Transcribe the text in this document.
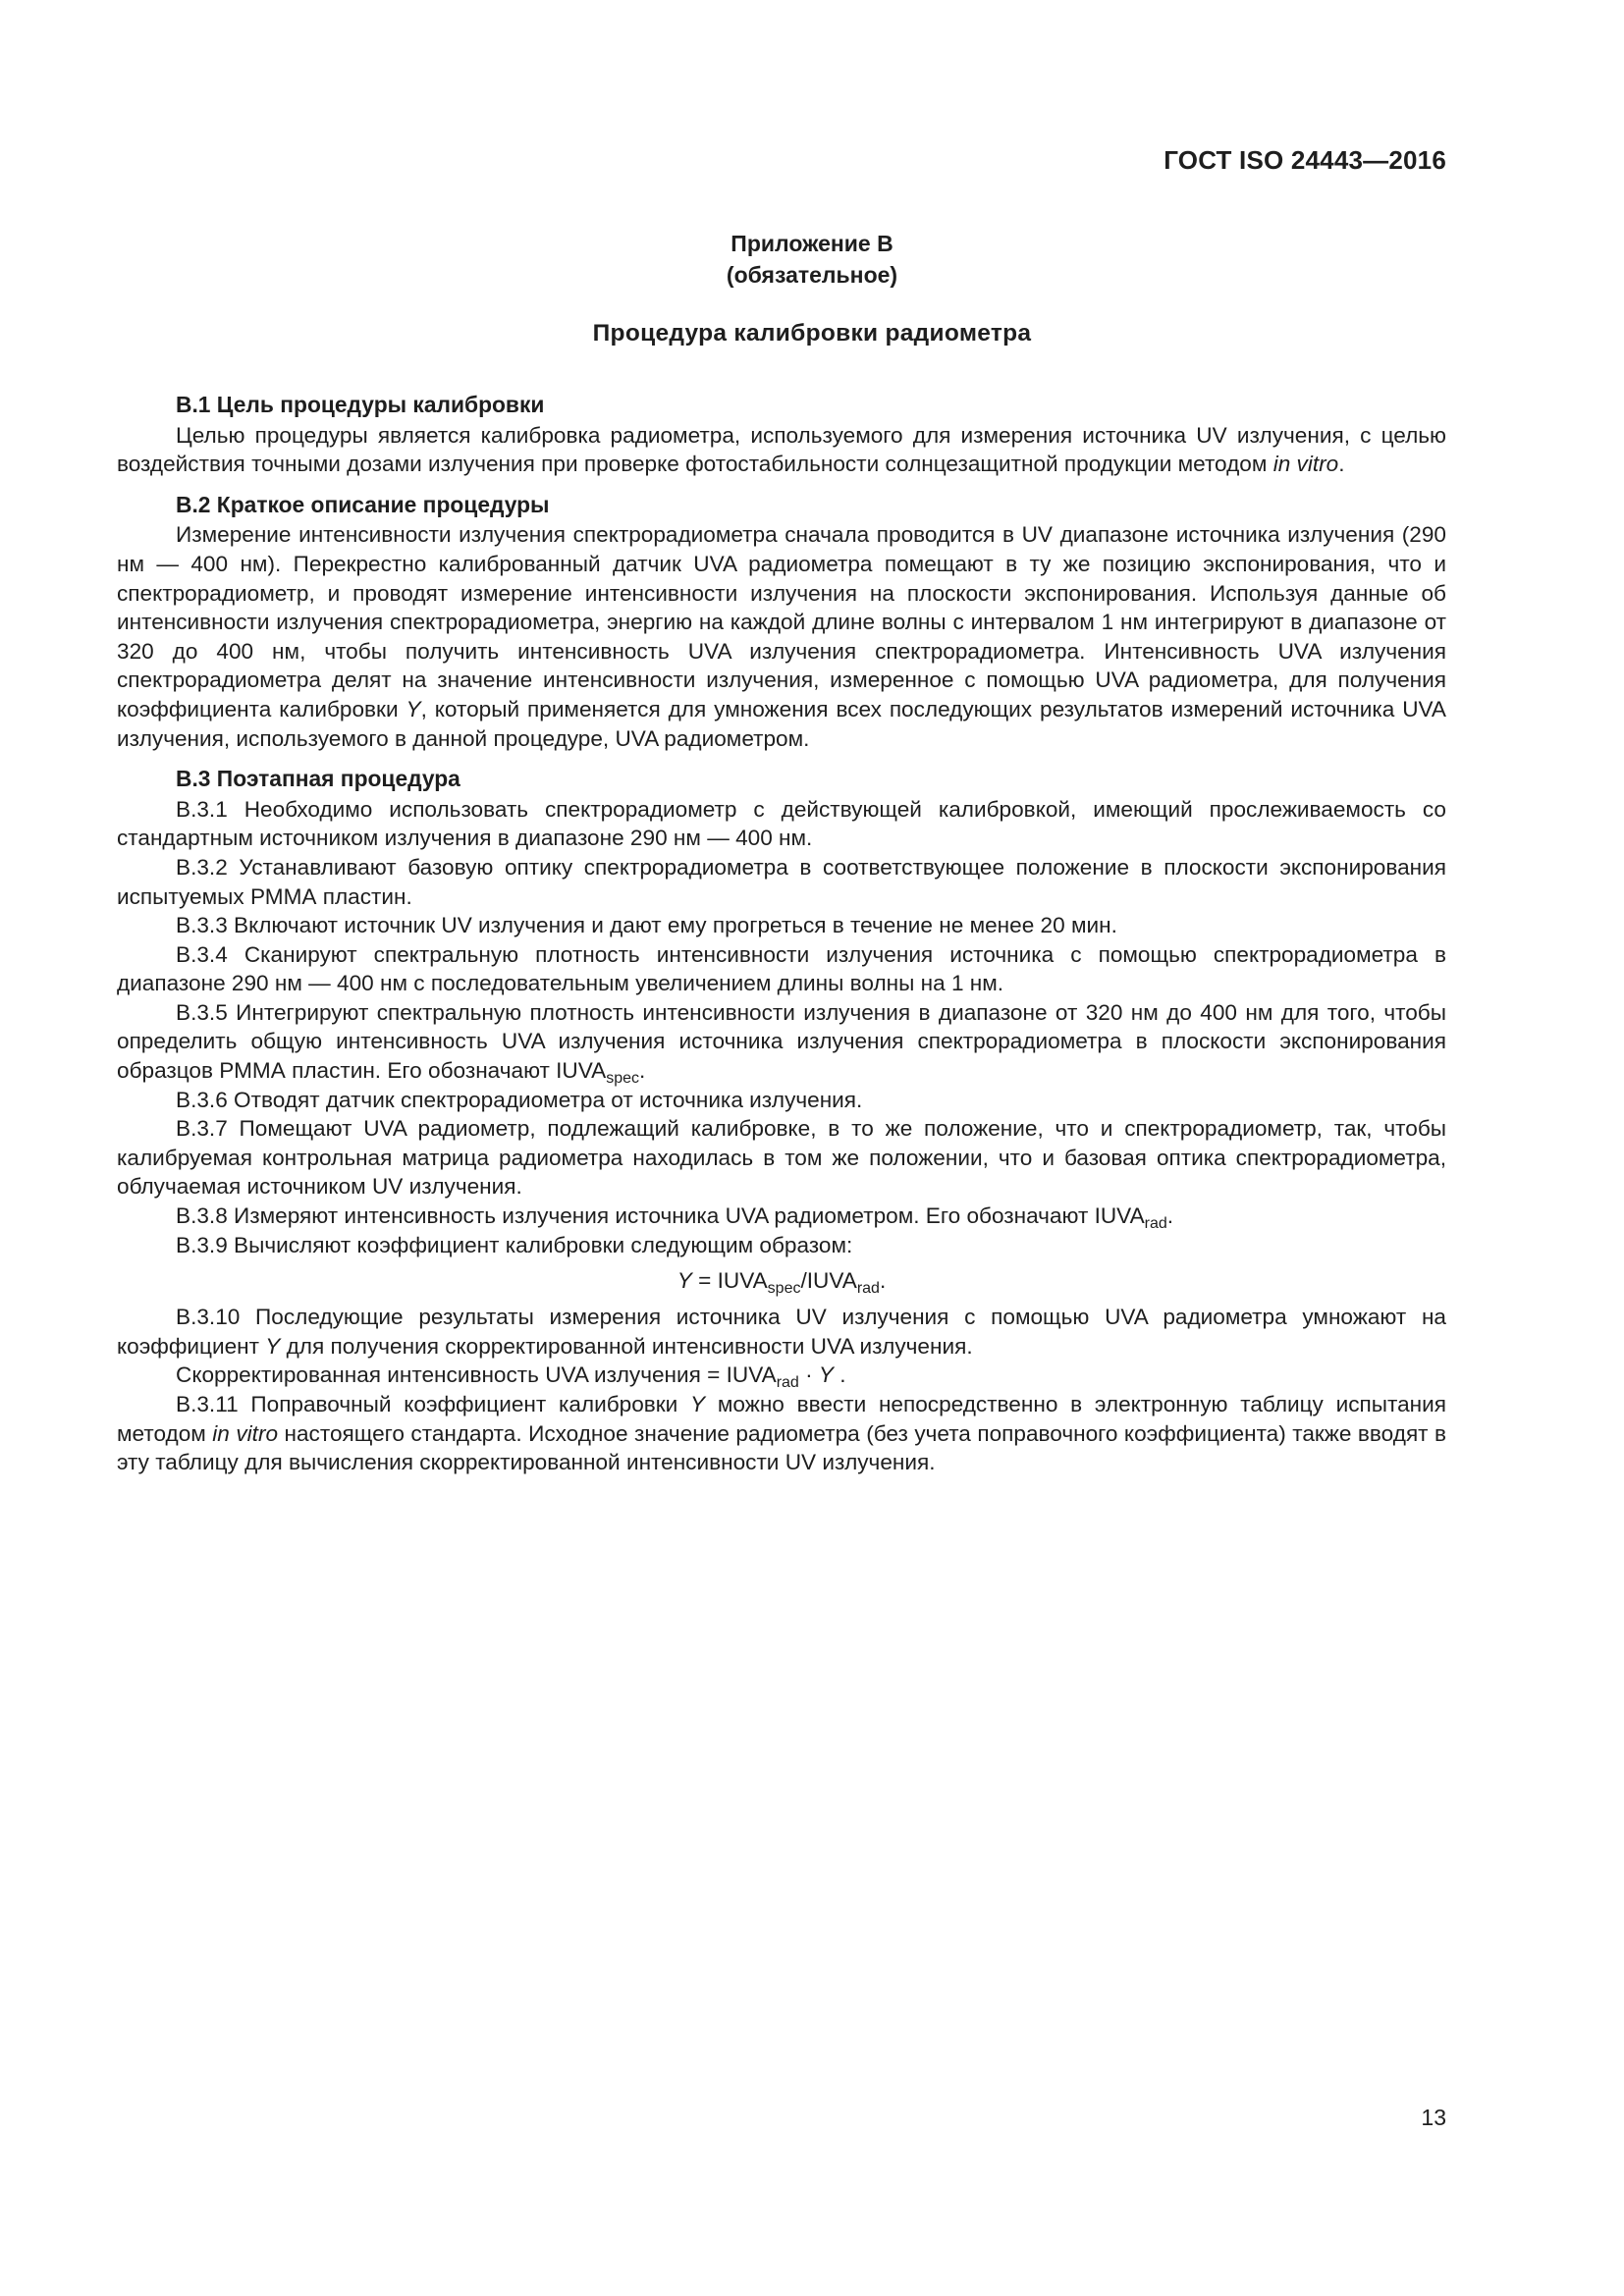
ГОСТ ISO 24443—2016
Приложение В
(обязательное)
Процедура калибровки радиометра
В.1 Цель процедуры калибровки

Целью процедуры является калибровка радиометра, используемого для измерения источника UV излучения, с целью воздействия точными дозами излучения при проверке фотостабильности солнцезащитной продукции методом in vitro.

В.2 Краткое описание процедуры

Измерение интенсивности излучения спектрорадиометра сначала проводится в UV диапазоне источника излучения (290 нм — 400 нм). Перекрестно калиброванный датчик UVA радиометра помещают в ту же позицию экспонирования, что и спектрорадиометр, и проводят измерение интенсивности излучения на плоскости экспонирования. Используя данные об интенсивности излучения спектрорадиометра, энергию на каждой длине волны с интервалом 1 нм интегрируют в диапазоне от 320 до 400 нм, чтобы получить интенсивность UVA излучения спектрорадиометра. Интенсивность UVA излучения спектрорадиометра делят на значение интенсивности излучения, измеренное с помощью UVA радиометра, для получения коэффициента калибровки Y, который применяется для умножения всех последующих результатов измерений источника UVA излучения, используемого в данной процедуре, UVA радиометром.

В.3 Поэтапная процедура

В.3.1 Необходимо использовать спектрорадиометр с действующей калибровкой, имеющий прослеживаемость со стандартным источником излучения в диапазоне 290 нм — 400 нм.

В.3.2 Устанавливают базовую оптику спектрорадиометра в соответствующее положение в плоскости экспонирования испытуемых РММА пластин.

В.3.3 Включают источник UV излучения и дают ему прогреться в течение не менее 20 мин.

В.3.4 Сканируют спектральную плотность интенсивности излучения источника с помощью спектрорадиометра в диапазоне 290 нм — 400 нм с последовательным увеличением длины волны на 1 нм.

В.3.5 Интегрируют спектральную плотность интенсивности излучения в диапазоне от 320 нм до 400 нм для того, чтобы определить общую интенсивность UVA излучения источника излучения спектрорадиометра в плоскости экспонирования образцов РММА пластин. Его обозначают $IUVA_{spec}$.

В.3.6 Отводят датчик спектрорадиометра от источника излучения.

В.3.7 Помещают UVA радиометр, подлежащий калибровке, в то же положение, что и спектрорадиометр, так, чтобы калибруемая контрольная матрица радиометра находилась в том же положении, что и базовая оптика спектрорадиометра, облучаемая источником UV излучения.

В.3.8 Измеряют интенсивность излучения источника UVA радиометром. Его обозначают $IUVA_{rad}$.

В.3.9 Вычисляют коэффициент калибровки следующим образом:

$Y = IUVA_{spec}/IUVA_{rad}$.

В.3.10 Последующие результаты измерения источника UV излучения с помощью UVA радиометра умножают на коэффициент Y для получения скорректированной интенсивности UVA излучения.

Скорректированная интенсивность UVA излучения = $IUVA_{rad} \cdot Y$ .

В.3.11 Поправочный коэффициент калибровки Y можно ввести непосредственно в электронную таблицу испытания методом in vitro настоящего стандарта. Исходное значение радиометра (без учета поправочного коэффициента) также вводят в эту таблицу для вычисления скорректированной интенсивности UV излучения.

13
